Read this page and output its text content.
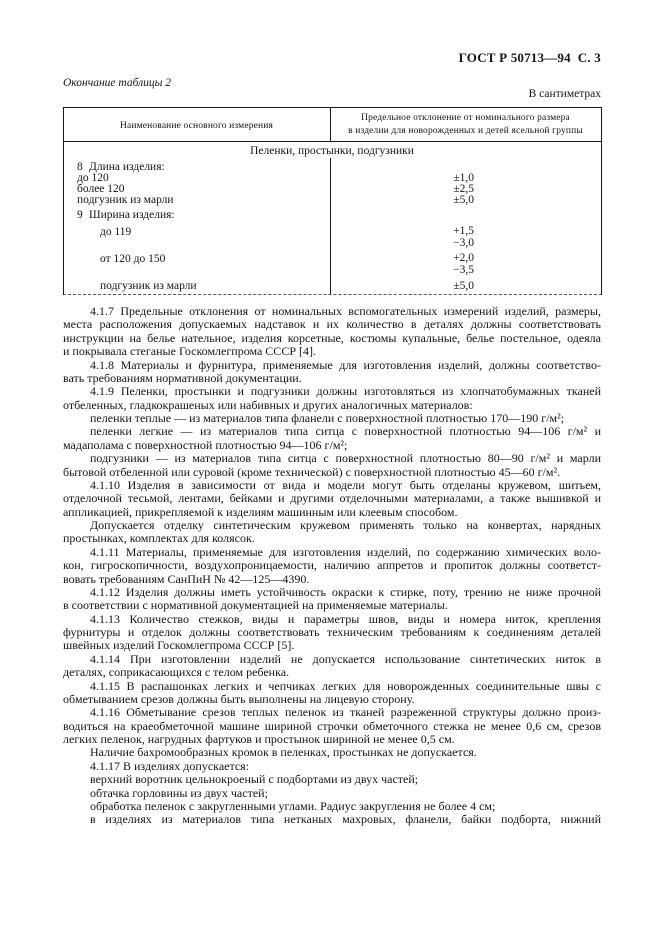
ГОСТ Р 50713—94 С. 3
Окончание таблицы 2
В сантиметрах
Наименование основного измерения
Предельное отклонение от номинального размера
в изделии для новорожденных и детей ясельной группы
Пеленки, простынки, подгузники
8 Длина изделия:
до 120	±1,0
более 120	±2,5
подгузник из марли	±5,0
9 Ширина изделия:
до 119	+1,5
−3,0
от 120 до 150	+2,0
−3,5
подгузник из марли	±5,0
4.1.7 Предельные отклонения от номинальных вспомогательных измерений изделий, размеры,
места расположения допускаемых надставок и их количество в деталях должны соответствовать
инструкции на белье нательное, изделия корсетные, костюмы купальные, белье постельное, одеяла
и покрывала стеганые Госкомлегпрома СССР [4].
4.1.8 Материалы и фурнитура, применяемые для изготовления изделий, должны соответство-
вать требованиям нормативной документации.
4.1.9 Пеленки, простынки и подгузники должны изготовляться из хлопчатобумажных тканей
отбеленных, гладкокрашеных или набивных и других аналогичных материалов:
пеленки теплые — из материалов типа фланели с поверхностной плотностью 170—190 г/м²;
пеленки легкие — из материалов типа ситца с поверхностной плотностью 94—106 г/м² и
мадаполама с поверхностной плотностью 94—106 г/м²;
подгузники — из материалов типа ситца с поверхностной плотностью 80—90 г/м² и марли
бытовой отбеленной или суровой (кроме технической) с поверхностной плотностью 45—60 г/м².
4.1.10 Изделия в зависимости от вида и модели могут быть отделаны кружевом, шитьем,
отделочной тесьмой, лентами, бейками и другими отделочными материалами, а также вышивкой и
аппликацией, прикрепляемой к изделиям машинным или клеевым способом.
Допускается отделку синтетическим кружевом применять только на конвертах, нарядных
простынках, комплектах для колясок.
4.1.11 Материалы, применяемые для изготовления изделий, по содержанию химических воло-
кон, гигроскопичности, воздухопроницаемости, наличию аппретов и пропиток должны соответст-
вовать требованиям СанПиН № 42—125—4390.
4.1.12 Изделия должны иметь устойчивость окраски к стирке, поту, трению не ниже прочной
в соответствии с нормативной документацией на применяемые материалы.
4.1.13 Количество стежков, виды и параметры швов, виды и номера ниток, крепления
фурнитуры и отделок должны соответствовать техническим требованиям к соединениям деталей
швейных изделий Госкомлегпрома СССР [5].
4.1.14 При изготовлении изделий не допускается использование синтетических ниток в
деталях, соприкасающихся с телом ребенка.
4.1.15 В распашонках легких и чепчиках легких для новорожденных соединительные швы с
обметыванием срезов должны быть выполнены на лицевую сторону.
4.1.16 Обметывание срезов теплых пеленок из тканей разреженной структуры должно произ-
водиться на краеобметочной машине шириной строчки обметочного стежка не менее 0,6 см, срезов
легких пеленок, нагрудных фартуков и простынок шириной не менее 0,5 см.
Наличие бахромообразных кромок в пеленках, простынках не допускается.
4.1.17 В изделиях допускается:
верхний воротник цельнокроеный с подбортами из двух частей;
обтачка горловины из двух частей;
обработка пеленок с закругленными углами. Радиус закругления не более 4 см;
в изделиях из материалов типа нетканых махровых, фланели, байки подборта, нижний
